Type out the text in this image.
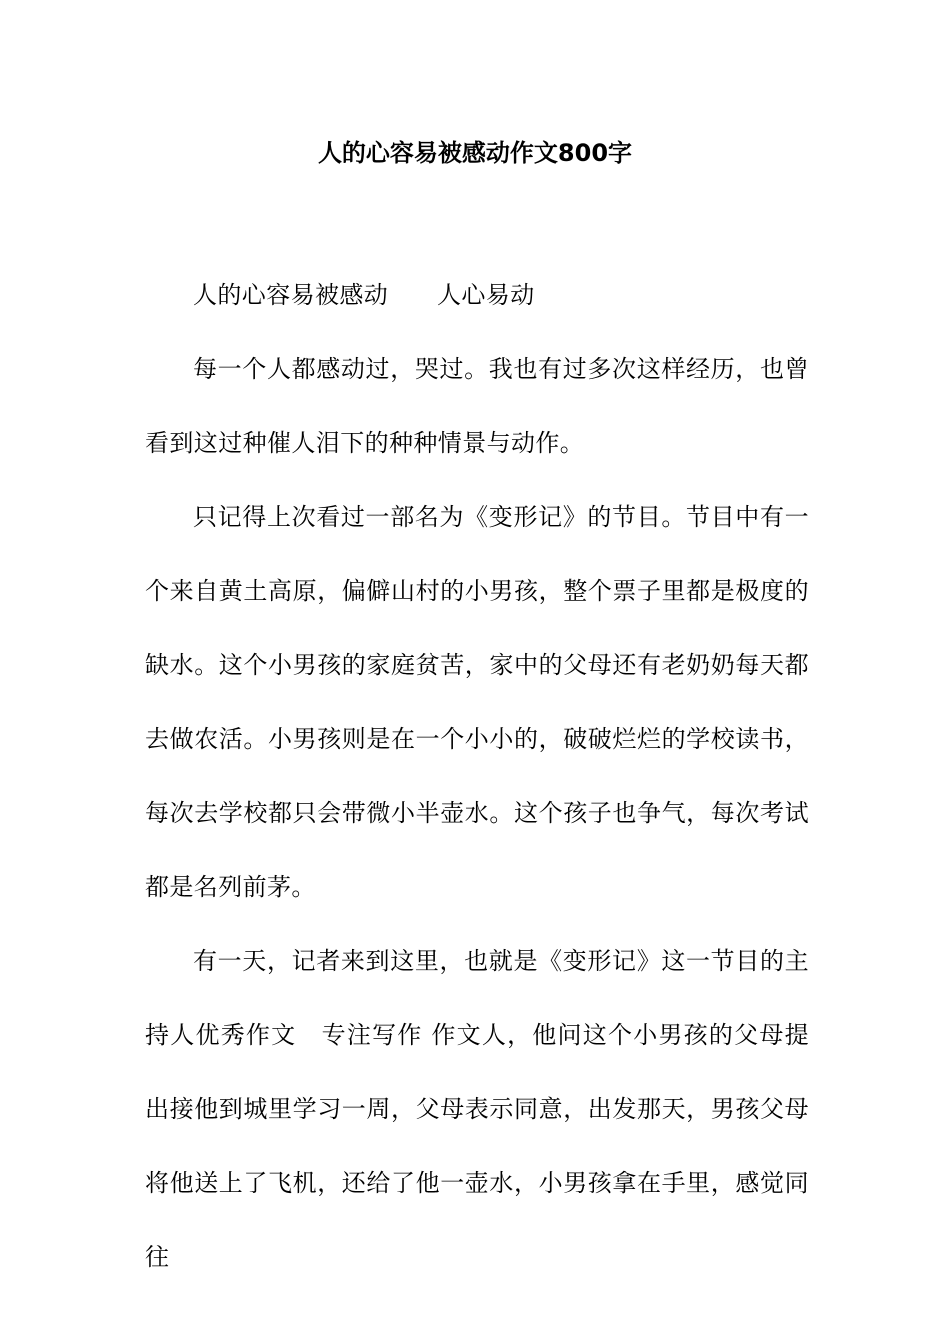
人的心容易被感动作文800字

人的心容易被感动　　人心易动

每一个人都感动过，哭过。我也有过多次这样经历，也曾看到这过种催人泪下的种种情景与动作。

只记得上次看过一部名为《变形记》的节目。节目中有一个来自黄土高原，偏僻山村的小男孩，整个票子里都是极度的缺水。这个小男孩的家庭贫苦，家中的父母还有老奶奶每天都去做农活。小男孩则是在一个小小的，破破烂烂的学校读书，每次去学校都只会带微小半壶水。这个孩子也争气，每次考试都是名列前茅。

有一天，记者来到这里，也就是《变形记》这一节目的主持人优秀作文　专注写作 作文人，他问这个小男孩的父母提出接他到城里学习一周，父母表示同意，出发那天，男孩父母将他送上了飞机，还给了他一壶水，小男孩拿在手里，感觉同往
